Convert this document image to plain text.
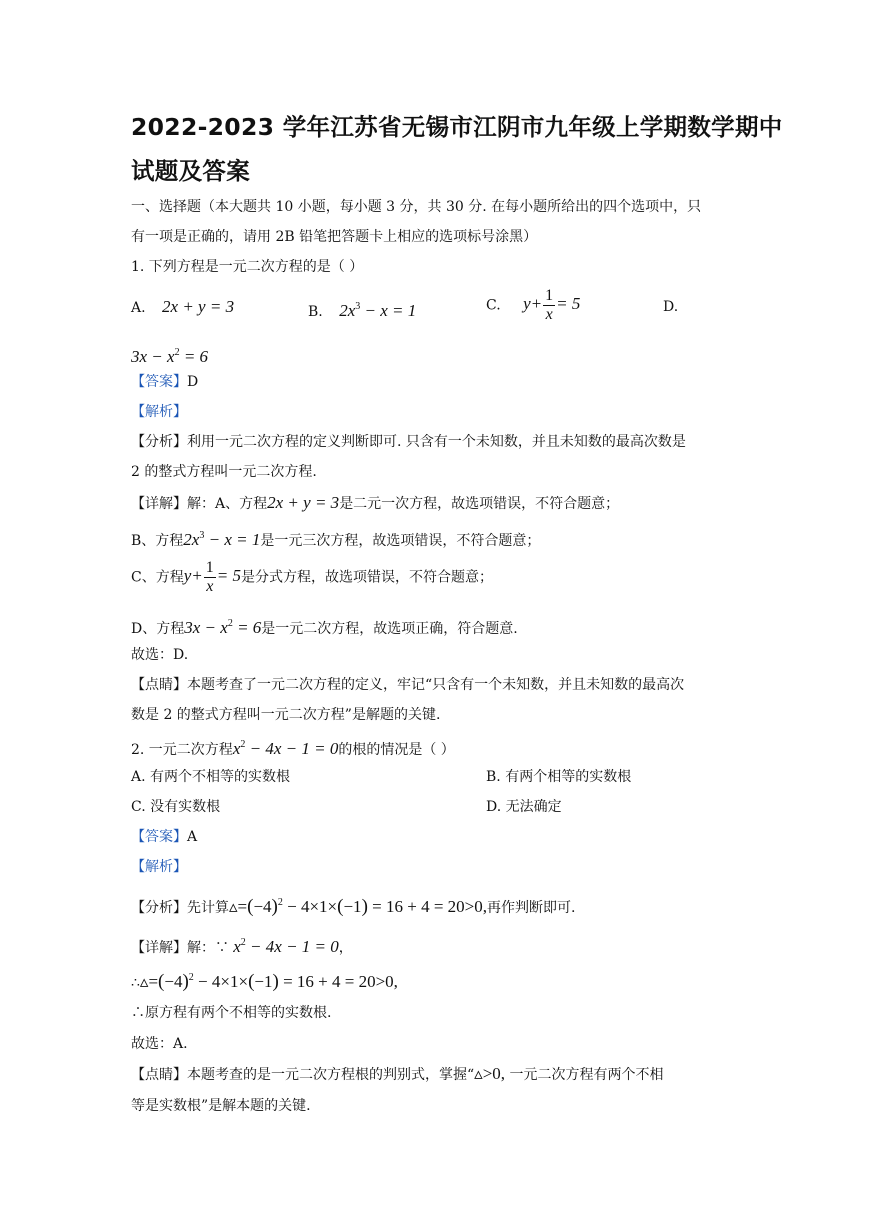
2022-2023 学年江苏省无锡市江阴市九年级上学期数学期中
试题及答案
一、选择题（本大题共 10 小题，每小题 3 分，共 30 分. 在每小题所给出的四个选项中，只
有一项是正确的，请用 2B 铅笔把答题卡上相应的选项标号涂黑）
1. 下列方程是一元二次方程的是（ ）
A. 2x + y = 3	B. $2x^3 - x = 1$	C. $y+ \frac{1}{x} = 5$	D.
$3x - x^2 = 6$
【答案】D
【解析】
【分析】利用一元二次方程的定义判断即可. 只含有一个未知数，并且未知数的最高次数是
2 的整式方程叫一元二次方程.
【详解】解：A、方程2x + y = 3是二元一次方程，故选项错误，不符合题意；
B、方程$2x^3 - x = 1$是一元三次方程，故选项错误，不符合题意；
C、方程$y+ \frac{1}{x} = 5$是分式方程，故选项错误，不符合题意；
D、方程$3x - x^2 = 6$是一元二次方程，故选项正确，符合题意.
故选：D.
【点睛】本题考查了一元二次方程的定义，牢记“只含有一个未知数，并且未知数的最高次
数是 2 的整式方程叫一元二次方程”是解题的关键.
2. 一元二次方程$x^2 - 4x - 1 = 0$的根的情况是（ ）
A. 有两个不相等的实数根	B. 有两个相等的实数根
C. 没有实数根	D. 无法确定
【答案】A
【解析】
【分析】先计算$▵=(-4)^2 - 4\times 1\times(-1) = 16 + 4 = 20>0$,再作判断即可.
【详解】解：∵ $x^2 - 4x - 1 = 0$，
$\therefore▵=(-4)^2 - 4\times 1\times(-1) = 16 + 4 = 20>0$,
∴原方程有两个不相等的实数根.
故选：A.
【点睛】本题考查的是一元二次方程根的判别式，掌握“▵>0, 一元二次方程有两个不相
等是实数根”是解本题的关键.
